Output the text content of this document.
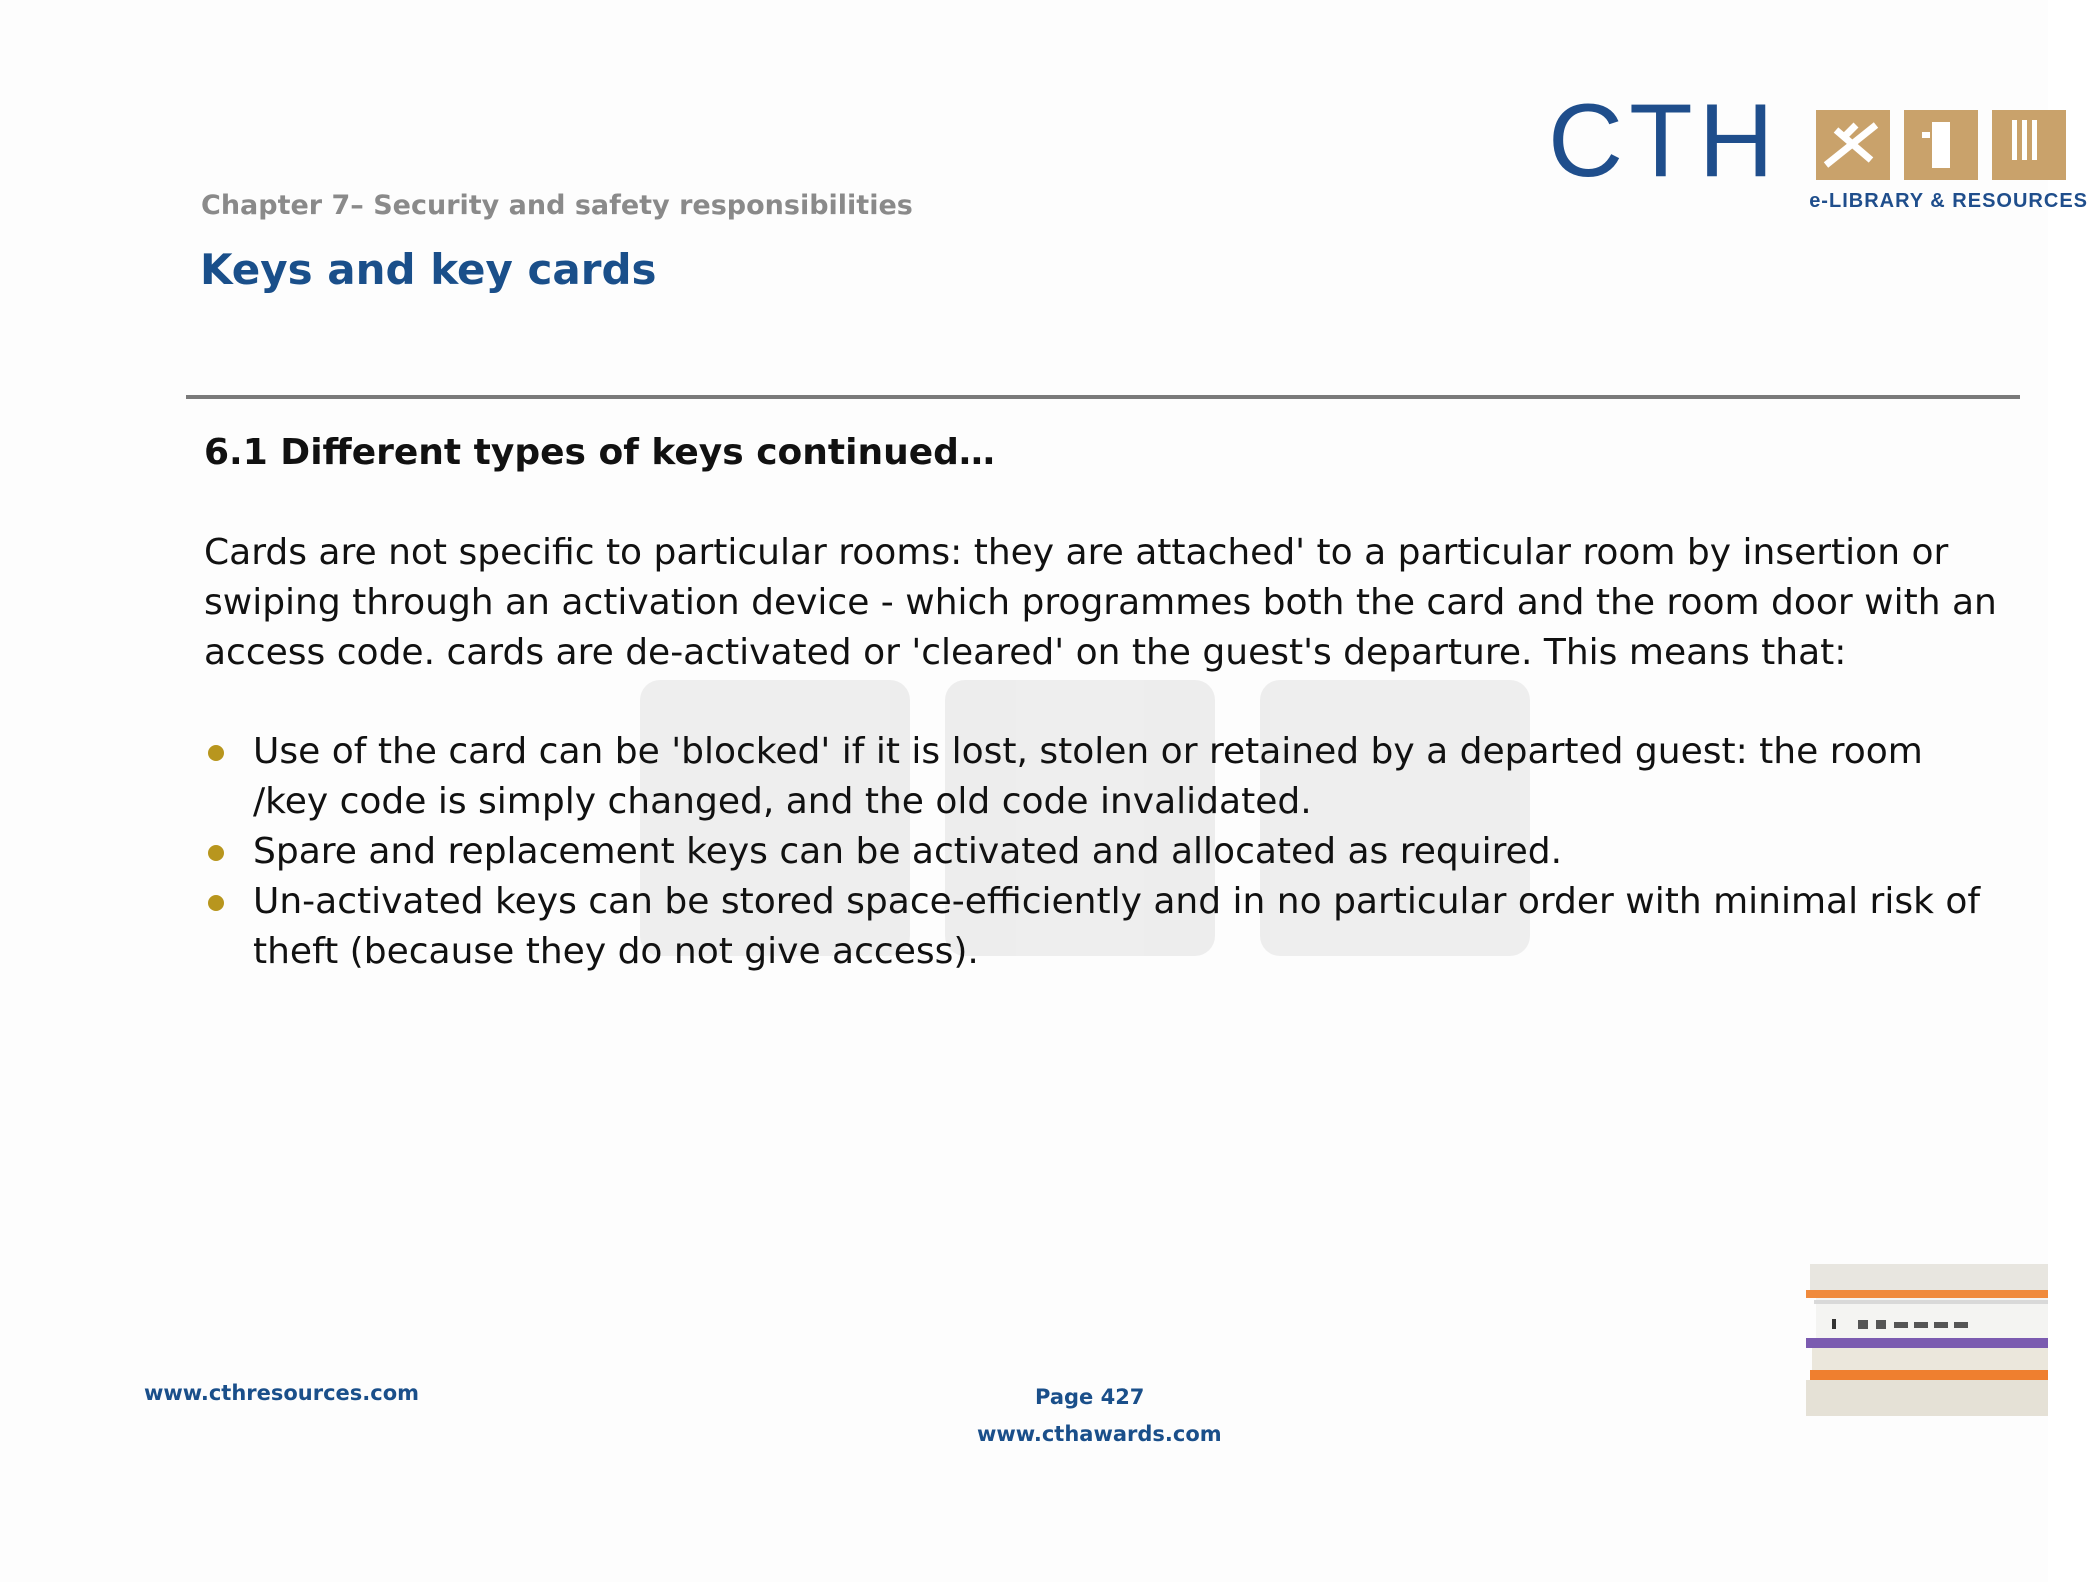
CTH
e-LIBRARY & RESOURCES
Chapter 7– Security and safety responsibilities
Keys and key cards
6.1 Different types of keys continued…
Cards are not specific to particular rooms: they are attached' to a particular room by insertion or swiping through an activation device - which programmes both the card and the room door with an access code. cards are de-activated or 'cleared' on the guest's departure. This means that:
Use of the card can be 'blocked' if it is lost, stolen or retained by a departed guest: the room /key code is simply changed, and the old code invalidated.
Spare and replacement keys can be activated and allocated as required.
Un-activated keys can be stored space-efficiently and in no particular order with minimal risk of theft (because they do not give access).
www.cthresources.com	Page 427
www.cthawards.com
